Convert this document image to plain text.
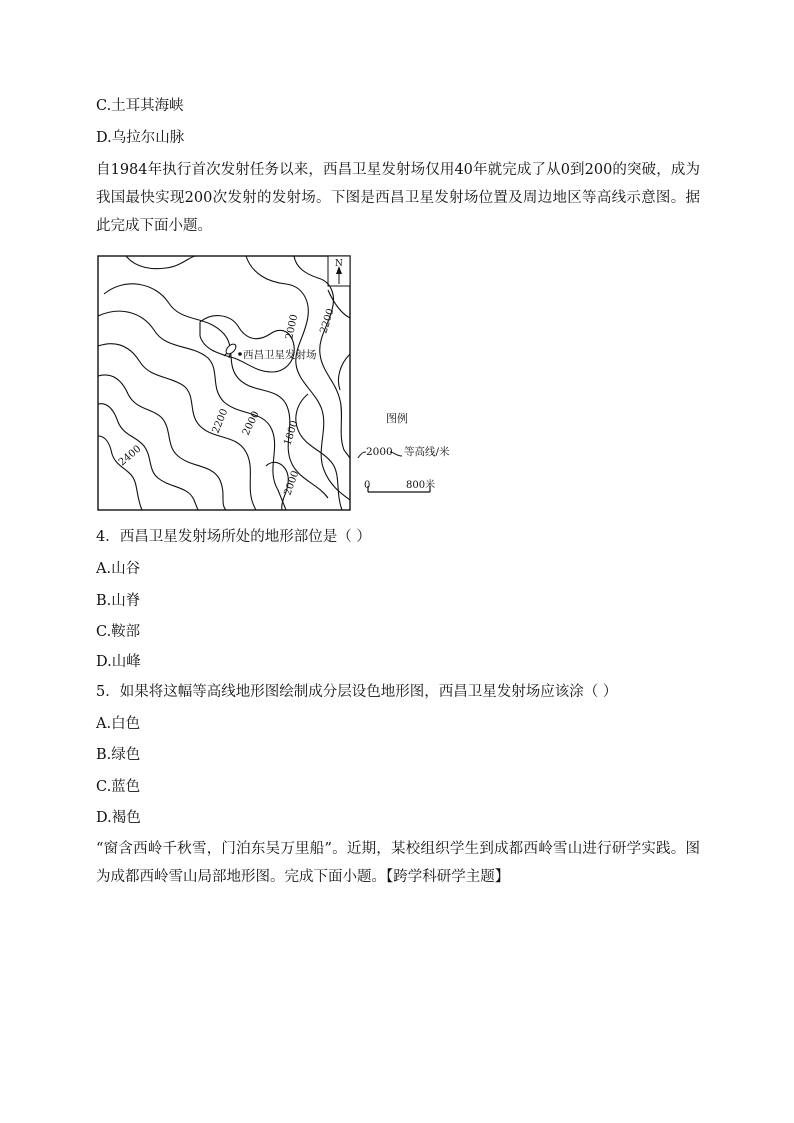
C.土耳其海峡
D.乌拉尔山脉
自1984年执行首次发射任务以来，西昌卫星发射场仅用40年就完成了从0到200的突破，成为我国最快实现200次发射的发射场。下图是西昌卫星发射场位置及周边地区等高线示意图。据此完成下面小题。
N
西昌卫星发射场
2000 2200
2200 2000 1800
2400
2000
图例
2000 等高线/米
0	800米
4．西昌卫星发射场所处的地形部位是（ ）
A.山谷
B.山脊
C.鞍部
D.山峰
5．如果将这幅等高线地形图绘制成分层设色地形图，西昌卫星发射场应该涂（ ）
A.白色
B.绿色
C.蓝色
D.褐色
“窗含西岭千秋雪，门泊东吴万里船”。近期，某校组织学生到成都西岭雪山进行研学实践。图为成都西岭雪山局部地形图。完成下面小题。【跨学科研学主题】
